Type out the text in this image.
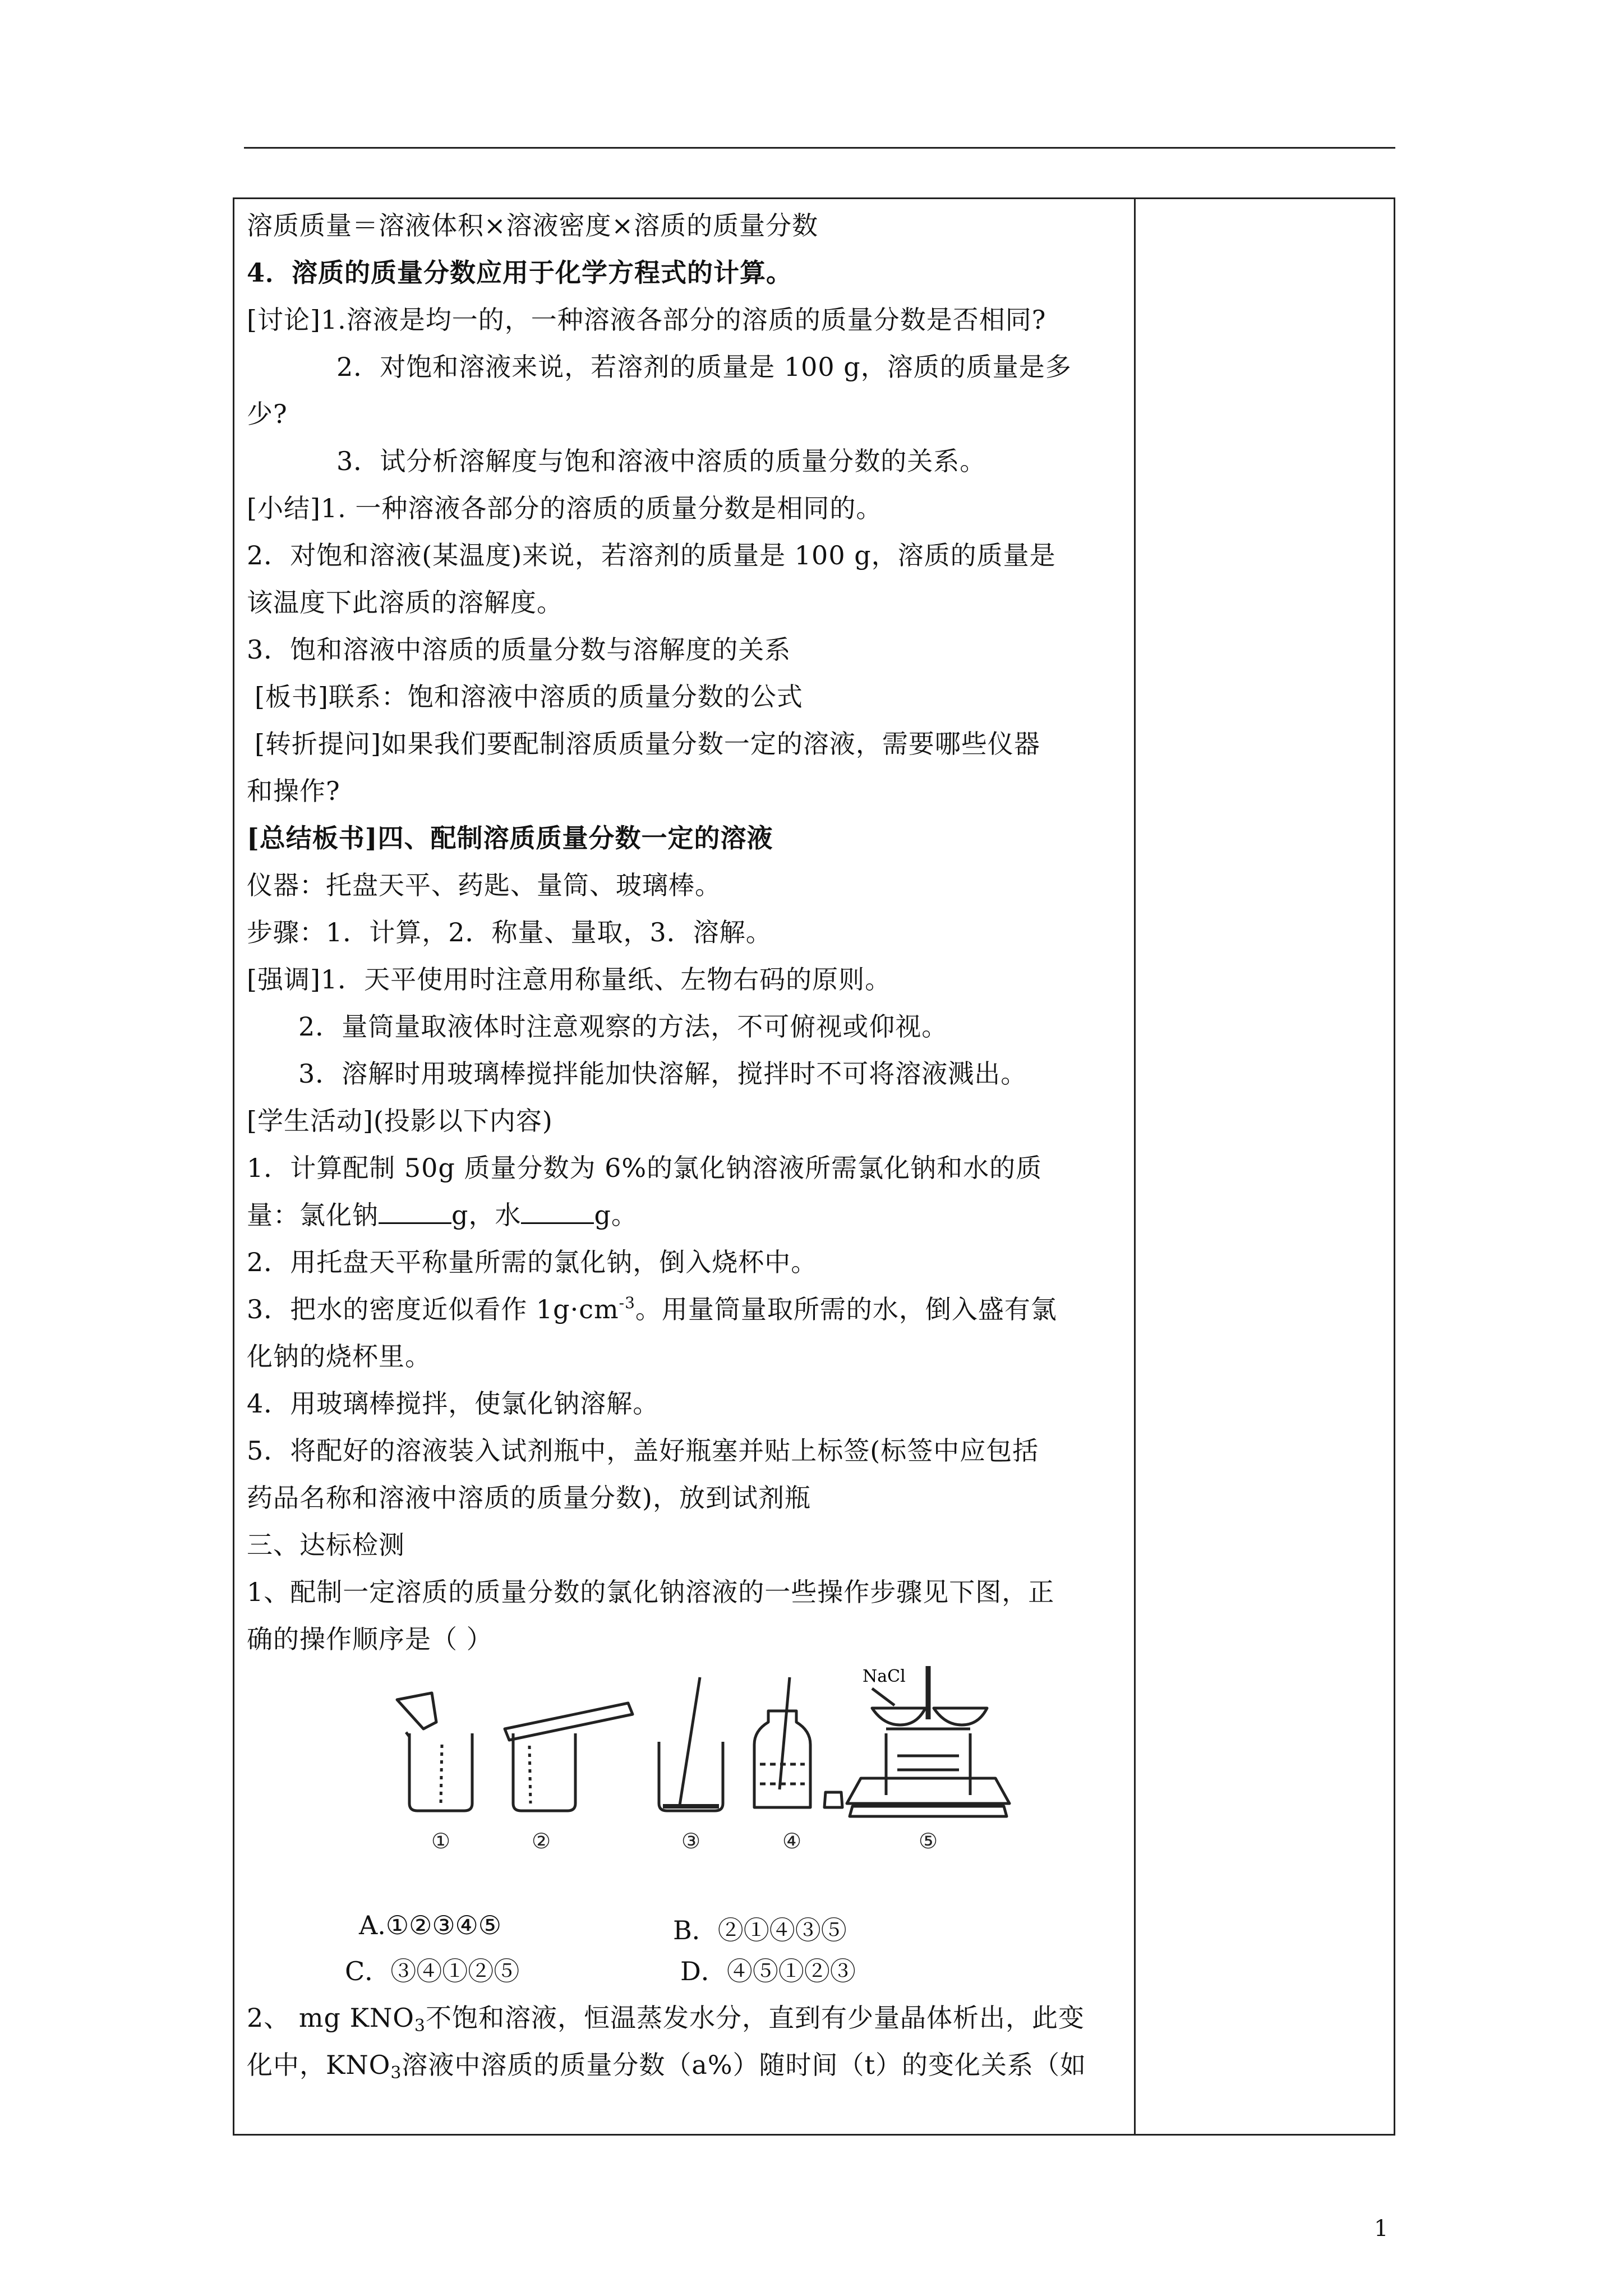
溶质质量＝溶液体积×溶液密度×溶质的质量分数
4．溶质的质量分数应用于化学方程式的计算。
[讨论]1.溶液是均一的，一种溶液各部分的溶质的质量分数是否相同?
2．对饱和溶液来说，若溶剂的质量是 100 g，溶质的质量是多
少?
3．试分析溶解度与饱和溶液中溶质的质量分数的关系。
[小结]1. 一种溶液各部分的溶质的质量分数是相同的。
2．对饱和溶液(某温度)来说，若溶剂的质量是 100 g，溶质的质量是
该温度下此溶质的溶解度。
3．饱和溶液中溶质的质量分数与溶解度的关系
[板书]联系：饱和溶液中溶质的质量分数的公式
[转折提问]如果我们要配制溶质质量分数一定的溶液，需要哪些仪器
和操作?
[总结板书]四、配制溶质质量分数一定的溶液
仪器：托盘天平、药匙、量筒、玻璃棒。
步骤：1．计算，2．称量、量取，3．溶解。
[强调]1．天平使用时注意用称量纸、左物右码的原则。
2．量筒量取液体时注意观察的方法，不可俯视或仰视。
3．溶解时用玻璃棒搅拌能加快溶解，搅拌时不可将溶液溅出。
[学生活动](投影以下内容)
1．计算配制 50g 质量分数为 6%的氯化钠溶液所需氯化钠和水的质
量：氯化钠	g，水	g。
2．用托盘天平称量所需的氯化钠，倒入烧杯中。
3．把水的密度近似看作 $1g\cdot cm^{-3}$。用量筒量取所需的水，倒入盛有氯
化钠的烧杯里。
4．用玻璃棒搅拌，使氯化钠溶解。
5．将配好的溶液装入试剂瓶中，盖好瓶塞并贴上标签(标签中应包括
药品名称和溶液中溶质的质量分数)，放到试剂瓶
三、达标检测
1、配制一定溶质的质量分数的氯化钠溶液的一些操作步骤见下图，正
确的操作顺序是（ ）
NaCl
①	②	③	④	⑤
A.①②③④⑤	B．②①④③⑤
C．③④①②⑤	D．④⑤①②③
2、 mg $KNO_3$不饱和溶液，恒温蒸发水分，直到有少量晶体析出，此变
化中，$KNO_3$溶液中溶质的质量分数（a%）随时间（t）的变化关系（如
1
